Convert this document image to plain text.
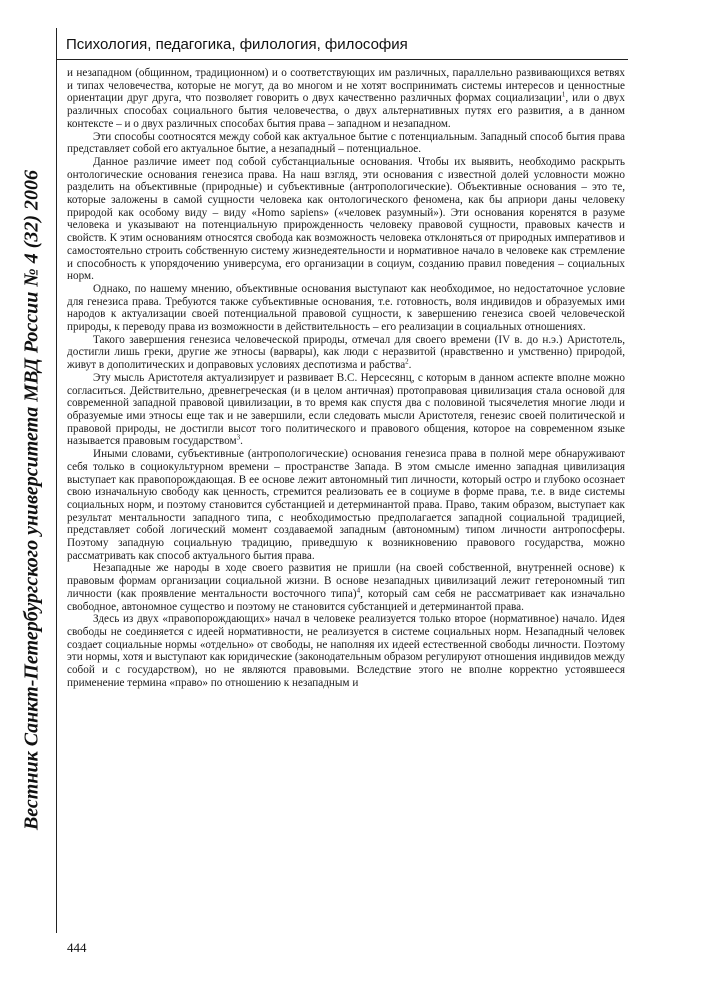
Психология, педагогика, филология, философия
Вестник Санкт-Петербургского университета МВД России № 4 (32) 2006

и незападном (общинном, традиционном) и о соответствующих им различных, параллельно развивающихся ветвях и типах человечества, которые не могут, да во многом и не хотят воспринимать системы интересов и ценностные ориентации друг друга, что позволяет говорить о двух качественно различных формах социализации$^1$, или о двух различных способах социального бытия человечества, о двух альтернативных путях его развития, а в данном контексте – и о двух различных способах бытия права – западном и незападном.

Эти способы соотносятся между собой как актуальное бытие с потенциальным. Западный способ бытия права представляет собой его актуальное бытие, а незападный – потенциальное.

Данное различие имеет под собой субстанциальные основания. Чтобы их выявить, необходимо раскрыть онтологические основания генезиса права. На наш взгляд, эти основания с известной долей условности можно разделить на объективные (природные) и субъективные (антропологические). Объективные основания – это те, которые заложены в самой сущности человека как онтологического феномена, как бы априори даны человеку природой как особому виду – виду «Homo sapiens» («человек разумный»). Эти основания коренятся в разуме человека и указывают на потенциальную прирожденность человеку правовой сущности, правовых качеств и свойств. К этим основаниям относятся свобода как возможность человека отклоняться от природных императивов и самостоятельно строить собственную систему жизнедеятельности и нормативное начало в человеке как стремление и способность к упорядочению универсума, его организации в социум, созданию правил поведения – социальных норм.

Однако, по нашему мнению, объективные основания выступают как необходимое, но недостаточное условие для генезиса права. Требуются также субъективные основания, т.е. готовность, воля индивидов и образуемых ими народов к актуализации своей потенциальной правовой сущности, к завершению генезиса своей человеческой природы, к переводу права из возможности в действительность – его реализации в социальных отношениях.

Такого завершения генезиса человеческой природы, отмечал для своего времени (IV в. до н.э.) Аристотель, достигли лишь греки, другие же этносы (варвары), как люди с неразвитой (нравственно и умственно) природой, живут в дополитических и доправовых условиях деспотизма и рабства$^2$.

Эту мысль Аристотеля актуализирует и развивает В.С. Нерсесянц, с которым в данном аспекте вполне можно согласиться. Действительно, древнегреческая (и в целом античная) протоправовая цивилизация стала основой для современной западной правовой цивилизации, в то время как спустя два с половиной тысячелетия многие люди и образуемые ими этносы еще так и не завершили, если следовать мысли Аристотеля, генезис своей политической и правовой природы, не достигли высот того политического и правового общения, которое на современном языке называется правовым государством$^3$.

Иными словами, субъективные (антропологические) основания генезиса права в полной мере обнаруживают себя только в социокультурном времени – пространстве Запада. В этом смысле именно западная цивилизация выступает как правопорождающая. В ее основе лежит автономный тип личности, который остро и глубоко осознает свою изначальную свободу как ценность, стремится реализовать ее в социуме в форме права, т.е. в виде системы социальных норм, и поэтому становится субстанцией и детерминантой права. Право, таким образом, выступает как результат ментальности западного типа, с необходимостью предполагается западной социальной традицией, представляет собой логический момент создаваемой западным (автономным) типом личности антропосферы. Поэтому западную социальную традицию, приведшую к возникновению правового государства, можно рассматривать как способ актуального бытия права.

Незападные же народы в ходе своего развития не пришли (на своей собственной, внутренней основе) к правовым формам организации социальной жизни. В основе незападных цивилизаций лежит гетерономный тип личности (как проявление ментальности восточного типа)$^4$, который сам себя не рассматривает как изначально свободное, автономное существо и поэтому не становится субстанцией и детерминантой права.

Здесь из двух «правопорождающих» начал в человеке реализуется только второе (нормативное) начало. Идея свободы не соединяется с идеей нормативности, не реализуется в системе социальных норм. Незападный человек создает социальные нормы «отдельно» от свободы, не наполняя их идеей естественной свободы личности. Поэтому эти нормы, хотя и выступают как юридические (законодательным образом регулируют отношения индивидов между собой и с государством), но не являются правовыми. Вследствие этого не вполне корректно устоявшееся применение термина «право» по отношению к незападным и

444
